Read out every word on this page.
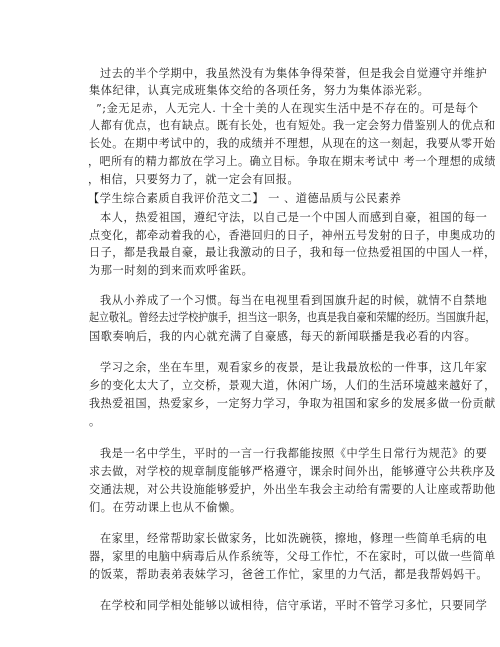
过去的半个学期中，我虽然没有为集体争得荣誉，但是我会自觉遵守并维护
集体纪律，认真完成班集体交给的各项任务，努力为集体添光彩。
”;金无足赤，人无完人. 十全十美的人在现实生活中是不存在的。可是每个
人都有优点，也有缺点。既有长处，也有短处。我一定会努力借鉴别人的优点和
长处。在期中考试中的，我的成绩并不理想，从现在的这一刻起，我要从零开始
，吧所有的精力都放在学习上。确立目标。争取在期末考试中 考一个理想的成绩
，相信，只要努力了，就一定会有回报。
【学生综合素质自我评价范文二】 一 、道德品质与公民素养
本人，热爱祖国，遵纪守法，以自己是一个中国人而感到自豪，祖国的每一
点变化，都牵动着我的心，香港回归的日子，神州五号发射的日子，申奥成功的
日子，都是我最自豪，最让我激动的日子，我和每一位热爱祖国的中国人一样，
为那一时刻的到来而欢呼雀跃。
我从小养成了一个习惯。每当在电视里看到国旗升起的时候，就情不自禁地
起立敬礼。曾经去过学校护旗手，担当这一职务，也真是我自豪和荣耀的经历。当国旗升起，
国歌奏响后，我的内心就充满了自豪感，每天的新闻联播是我必看的内容。
学习之余，坐在车里，观看家乡的夜景，是让我最放松的一件事，这几年家
乡的变化太大了，立交桥，景观大道，休闲广场，人们的生活环境越来越好了，
我热爱祖国，热爱家乡，一定努力学习，争取为祖国和家乡的发展多做一份贡献
。
我是一名中学生，平时的一言一行我都能按照《中学生日常行为规范》的要
求去做，对学校的规章制度能够严格遵守，课余时间外出，能够遵守公共秩序及
交通法规，对公共设施能够爱护，外出坐车我会主动给有需要的人让座或帮助他
们。在劳动课上也从不偷懒。
在家里，经常帮助家长做家务，比如洗碗筷，擦地，修理一些简单毛病的电
器，家里的电脑中病毒后从作系统等，父母工作忙，不在家时，可以做一些简单
的饭菜，帮助表弟表妹学习，爸爸工作忙，家里的力气活，都是我帮妈妈干。
在学校和同学相处能够以诚相待，信守承诺，平时不管学习多忙，只要同学
